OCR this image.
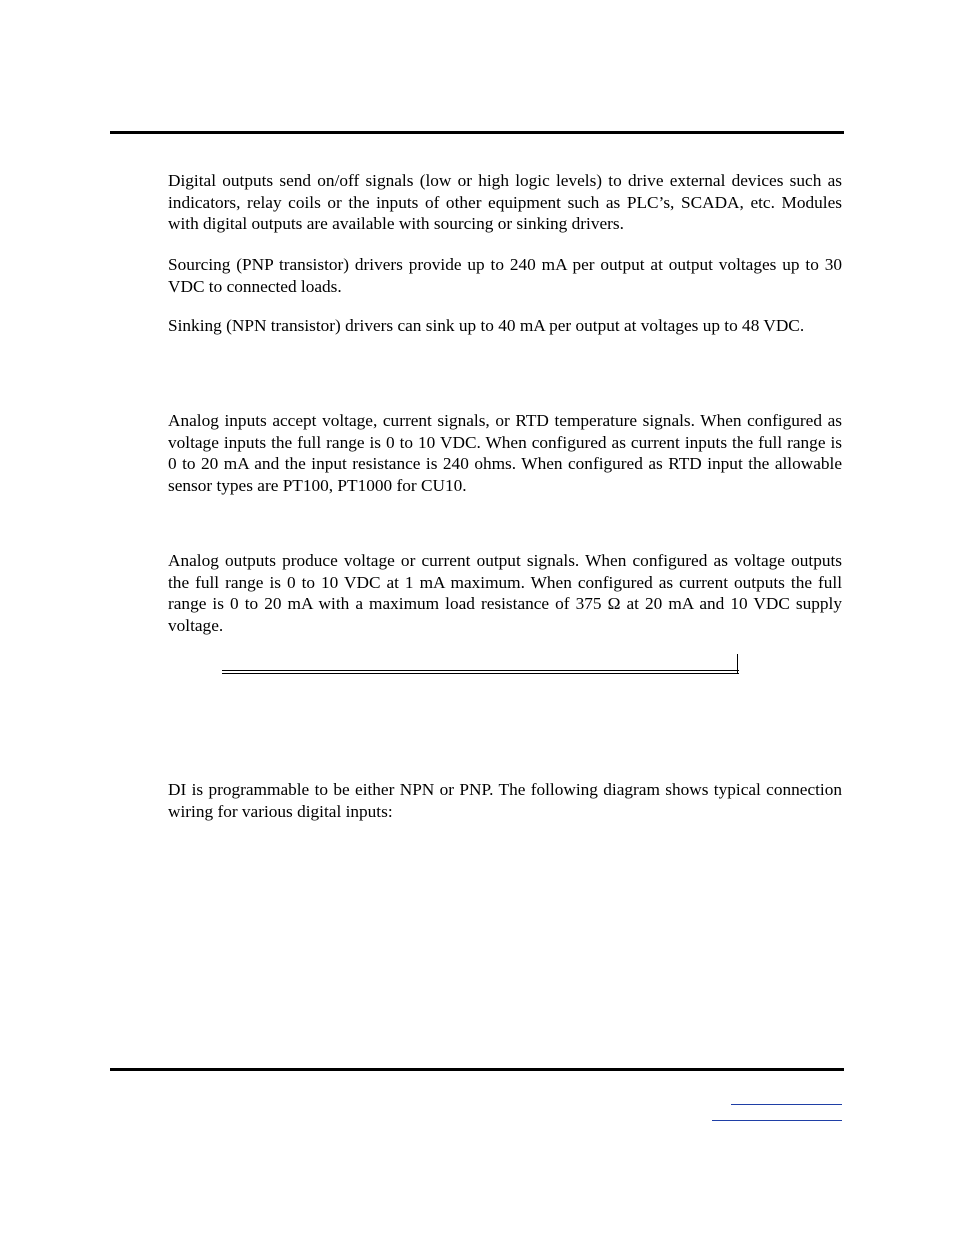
Digital outputs send on/off signals (low or high logic levels) to drive external devices such as indicators, relay coils or the inputs of other equipment such as PLC’s, SCADA, etc. Modules with digital outputs are available with sourcing or sinking drivers.

Sourcing (PNP transistor) drivers provide up to 240 mA per output at output voltages up to 30 VDC to connected loads.

Sinking (NPN transistor) drivers can sink up to 40 mA per output at voltages up to 48 VDC.

Analog inputs accept voltage, current signals, or RTD temperature signals. When configured as voltage inputs the full range is 0 to 10 VDC. When configured as current inputs the full range is 0 to 20 mA and the input resistance is 240 ohms. When configured as RTD input the allowable sensor types are PT100, PT1000 for CU10.

Analog outputs produce voltage or current output signals. When configured as voltage outputs the full range is 0 to 10 VDC at 1 mA maximum. When configured as current outputs the full range is 0 to 20 mA with a maximum load resistance of 375 Ω at 20 mA and 10 VDC supply voltage.

DI is programmable to be either NPN or PNP. The following diagram shows typical connection wiring for various digital inputs:
